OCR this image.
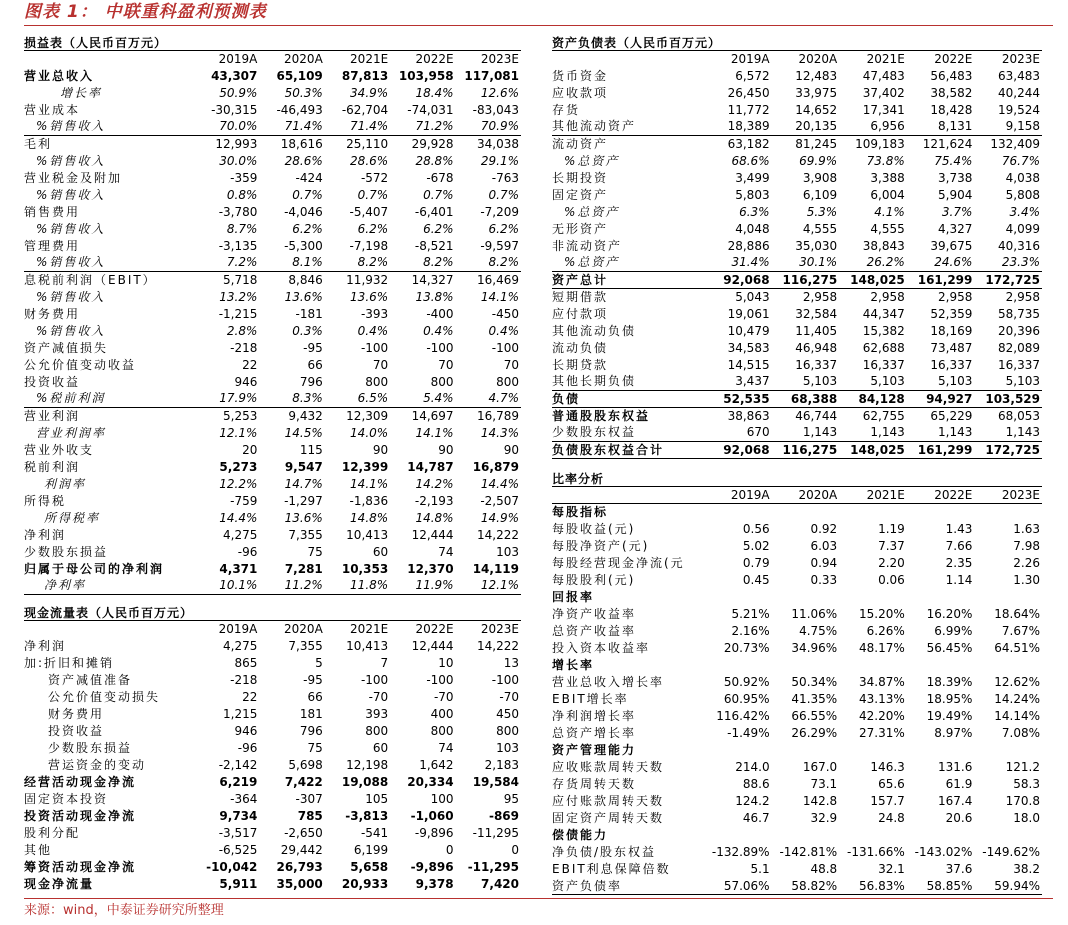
图表 1： 中联重科盈利预测表
损益表（人民币百万元）
	2019A	2020A	2021E	2022E	2023E
营业总收入	43,307	65,109	87,813	103,958	117,081
增长率	50.9%	50.3%	34.9%	18.4%	12.6%
营业成本	-30,315	-46,493	-62,704	-74,031	-83,043
%销售收入	70.0%	71.4%	71.4%	71.2%	70.9%
毛利	12,993	18,616	25,110	29,928	34,038
%销售收入	30.0%	28.6%	28.6%	28.8%	29.1%
营业税金及附加	-359	-424	-572	-678	-763
%销售收入	0.8%	0.7%	0.7%	0.7%	0.7%
销售费用	-3,780	-4,046	-5,407	-6,401	-7,209
%销售收入	8.7%	6.2%	6.2%	6.2%	6.2%
管理费用	-3,135	-5,300	-7,198	-8,521	-9,597
%销售收入	7.2%	8.1%	8.2%	8.2%	8.2%
息税前利润（EBIT）	5,718	8,846	11,932	14,327	16,469
%销售收入	13.2%	13.6%	13.6%	13.8%	14.1%
财务费用	-1,215	-181	-393	-400	-450
%销售收入	2.8%	0.3%	0.4%	0.4%	0.4%
资产减值损失	-218	-95	-100	-100	-100
公允价值变动收益	22	66	70	70	70
投资收益	946	796	800	800	800
%税前利润	17.9%	8.3%	6.5%	5.4%	4.7%
营业利润	5,253	9,432	12,309	14,697	16,789
营业利润率	12.1%	14.5%	14.0%	14.1%	14.3%
营业外收支	20	115	90	90	90
税前利润	5,273	9,547	12,399	14,787	16,879
利润率	12.2%	14.7%	14.1%	14.2%	14.4%
所得税	-759	-1,297	-1,836	-2,193	-2,507
所得税率	14.4%	13.6%	14.8%	14.8%	14.9%
净利润	4,275	7,355	10,413	12,444	14,222
少数股东损益	-96	75	60	74	103
归属于母公司的净利润	4,371	7,281	10,353	12,370	14,119
净利率	10.1%	11.2%	11.8%	11.9%	12.1%
现金流量表（人民币百万元）
	2019A	2020A	2021E	2022E	2023E
净利润	4,275	7,355	10,413	12,444	14,222
加:折旧和摊销	865	5	7	10	13
资产减值准备	-218	-95	-100	-100	-100
公允价值变动损失	22	66	-70	-70	-70
财务费用	1,215	181	393	400	450
投资收益	946	796	800	800	800
少数股东损益	-96	75	60	74	103
营运资金的变动	-2,142	5,698	12,198	1,642	2,183
经营活动现金净流	6,219	7,422	19,088	20,334	19,584
固定资本投资	-364	-307	105	100	95
投资活动现金净流	9,734	785	-3,813	-1,060	-869
股利分配	-3,517	-2,650	-541	-9,896	-11,295
其他	-6,525	29,442	6,199	0	0
筹资活动现金净流	-10,042	26,793	5,658	-9,896	-11,295
现金净流量	5,911	35,000	20,933	9,378	7,420
资产负债表（人民币百万元）
	2019A	2020A	2021E	2022E	2023E
货币资金	6,572	12,483	47,483	56,483	63,483
应收款项	26,450	33,975	37,402	38,582	40,244
存货	11,772	14,652	17,341	18,428	19,524
其他流动资产	18,389	20,135	6,956	8,131	9,158
流动资产	63,182	81,245	109,183	121,624	132,409
%总资产	68.6%	69.9%	73.8%	75.4%	76.7%
长期投资	3,499	3,908	3,388	3,738	4,038
固定资产	5,803	6,109	6,004	5,904	5,808
%总资产	6.3%	5.3%	4.1%	3.7%	3.4%
无形资产	4,048	4,555	4,555	4,327	4,099
非流动资产	28,886	35,030	38,843	39,675	40,316
%总资产	31.4%	30.1%	26.2%	24.6%	23.3%
资产总计	92,068	116,275	148,025	161,299	172,725
短期借款	5,043	2,958	2,958	2,958	2,958
应付款项	19,061	32,584	44,347	52,359	58,735
其他流动负债	10,479	11,405	15,382	18,169	20,396
流动负债	34,583	46,948	62,688	73,487	82,089
长期贷款	14,515	16,337	16,337	16,337	16,337
其他长期负债	3,437	5,103	5,103	5,103	5,103
负债	52,535	68,388	84,128	94,927	103,529
普通股股东权益	38,863	46,744	62,755	65,229	68,053
少数股东权益	670	1,143	1,143	1,143	1,143
负债股东权益合计	92,068	116,275	148,025	161,299	172,725
比率分析
	2019A	2020A	2021E	2022E	2023E
每股指标					
每股收益(元)	0.56	0.92	1.19	1.43	1.63
每股净资产(元)	5.02	6.03	7.37	7.66	7.98
每股经营现金净流(元	0.79	0.94	2.20	2.35	2.26
每股股利(元)	0.45	0.33	0.06	1.14	1.30
回报率					
净资产收益率	5.21%	11.06%	15.20%	16.20%	18.64%
总资产收益率	2.16%	4.75%	6.26%	6.99%	7.67%
投入资本收益率	20.73%	34.96%	48.17%	56.45%	64.51%
增长率					
营业总收入增长率	50.92%	50.34%	34.87%	18.39%	12.62%
EBIT增长率	60.95%	41.35%	43.13%	18.95%	14.24%
净利润增长率	116.42%	66.55%	42.20%	19.49%	14.14%
总资产增长率	-1.49%	26.29%	27.31%	8.97%	7.08%
资产管理能力					
应收账款周转天数	214.0	167.0	146.3	131.6	121.2
存货周转天数	88.6	73.1	65.6	61.9	58.3
应付账款周转天数	124.2	142.8	157.7	167.4	170.8
固定资产周转天数	46.7	32.9	24.8	20.6	18.0
偿债能力					
净负债/股东权益	-132.89%	-142.81%	-131.66%	-143.02%	-149.62%
EBIT利息保障倍数	5.1	48.8	32.1	37.6	38.2
资产负债率	57.06%	58.82%	56.83%	58.85%	59.94%
来源：wind，中泰证券研究所整理
